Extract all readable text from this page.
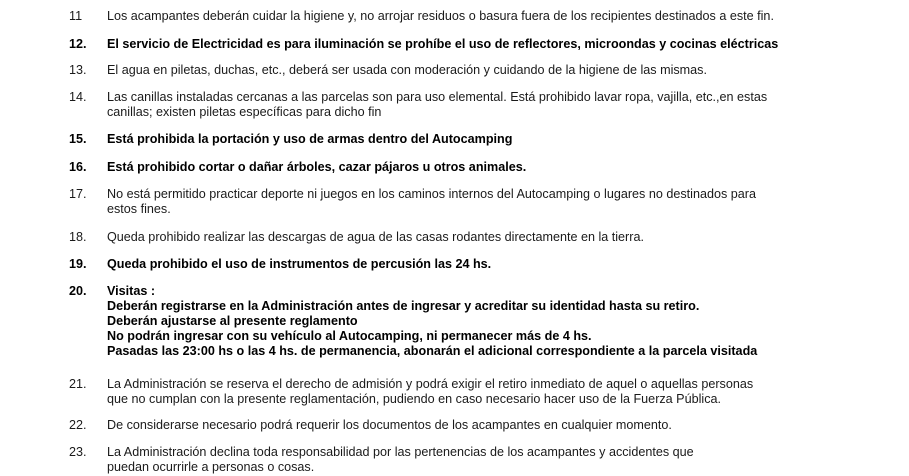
11 Los acampantes deberán cuidar la higiene y, no arrojar residuos o basura fuera de los recipientes destinados a este fin.
12. El servicio de Electricidad es para iluminación se prohíbe el uso de reflectores, microondas y cocinas eléctricas
13. El agua en piletas, duchas, etc., deberá ser usada con moderación y cuidando de la higiene de las mismas.
14. Las canillas instaladas cercanas a las parcelas son para uso elemental. Está prohibido lavar ropa, vajilla, etc.,en estas
canillas; existen piletas específicas para dicho fin
15. Está prohibida la portación y uso de armas dentro del Autocamping
16. Está prohibido cortar o dañar árboles, cazar pájaros u otros animales.
17. No está permitido practicar deporte ni juegos en los caminos internos del Autocamping o lugares no destinados para
estos fines.
18. Queda prohibido realizar las descargas de agua de las casas rodantes directamente en la tierra.
19. Queda prohibido el uso de instrumentos de percusión las 24 hs.
20. Visitas :
Deberán registrarse en la Administración antes de ingresar y acreditar su identidad hasta su retiro.
Deberán ajustarse al presente reglamento
No podrán ingresar con su vehículo al Autocamping, ni permanecer más de 4 hs.
Pasadas las 23:00 hs o las 4 hs. de permanencia, abonarán el adicional correspondiente a la parcela visitada
21. La Administración se reserva el derecho de admisión y podrá exigir el retiro inmediato de aquel o aquellas personas
que no cumplan con la presente reglamentación, pudiendo en caso necesario hacer uso de la Fuerza Pública.
22. De considerarse necesario podrá requerir los documentos de los acampantes en cualquier momento.
23. La Administración declina toda responsabilidad por las pertenencias de los acampantes y accidentes que
puedan ocurrirle a personas o cosas.
